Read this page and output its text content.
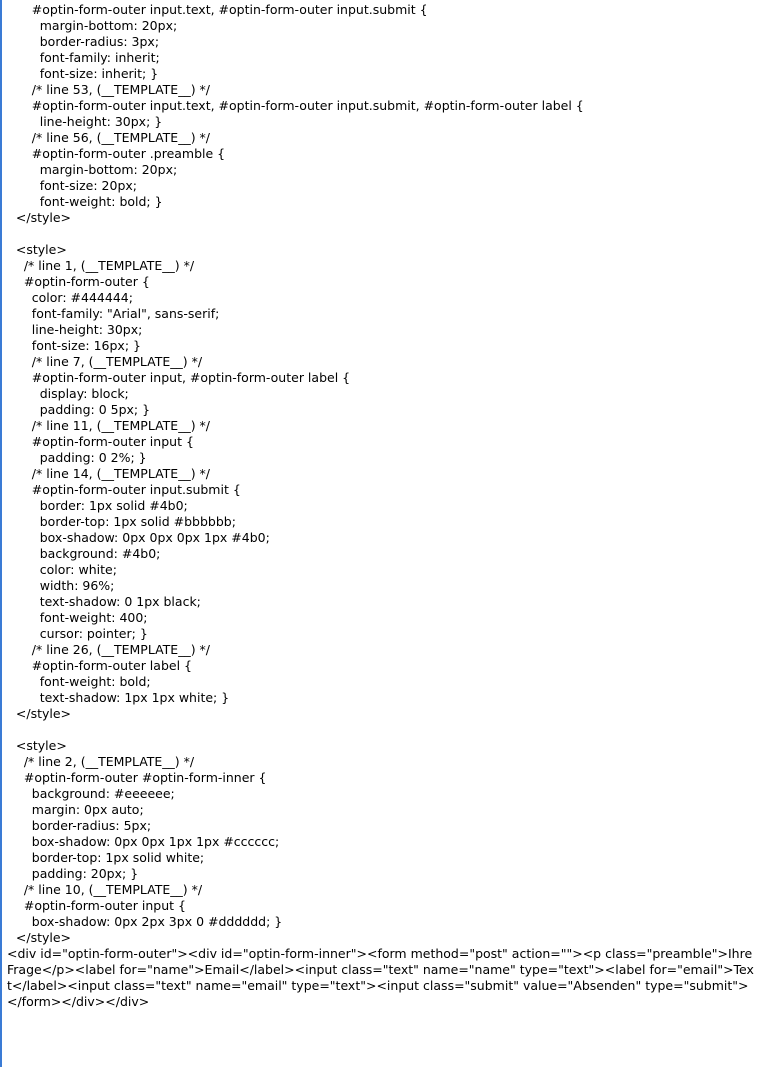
#optin-form-outer input.text, #optin-form-outer input.submit {
margin-bottom: 20px;
border-radius: 3px;
font-family: inherit;
font-size: inherit; }
/* line 53, (__TEMPLATE__) */
#optin-form-outer input.text, #optin-form-outer input.submit, #optin-form-outer label {
line-height: 30px; }
/* line 56, (__TEMPLATE__) */
#optin-form-outer .preamble {
margin-bottom: 20px;
font-size: 20px;
font-weight: bold; }
</style>
<style>
/* line 1, (__TEMPLATE__) */
#optin-form-outer {
color: #444444;
font-family: "Arial", sans-serif;
line-height: 30px;
font-size: 16px; }
/* line 7, (__TEMPLATE__) */
#optin-form-outer input, #optin-form-outer label {
display: block;
padding: 0 5px; }
/* line 11, (__TEMPLATE__) */
#optin-form-outer input {
padding: 0 2%; }
/* line 14, (__TEMPLATE__) */
#optin-form-outer input.submit {
border: 1px solid #4b0;
border-top: 1px solid #bbbbbb;
box-shadow: 0px 0px 0px 1px #4b0;
background: #4b0;
color: white;
width: 96%;
text-shadow: 0 1px black;
font-weight: 400;
cursor: pointer; }
/* line 26, (__TEMPLATE__) */
#optin-form-outer label {
font-weight: bold;
text-shadow: 1px 1px white; }
</style>
<style>
/* line 2, (__TEMPLATE__) */
#optin-form-outer #optin-form-inner {
background: #eeeeee;
margin: 0px auto;
border-radius: 5px;
box-shadow: 0px 0px 1px 1px #cccccc;
border-top: 1px solid white;
padding: 20px; }
/* line 10, (__TEMPLATE__) */
#optin-form-outer input {
box-shadow: 0px 2px 3px 0 #dddddd; }
</style>
<div id="optin-form-outer"><div id="optin-form-inner"><form method="post" action=""><p class="preamble">Ihre Frage</p><label for="name">Email</label><input class="text" name="name" type="text"><label for="email">Text</label><input class="text" name="email" type="text"><input class="submit" value="Absenden" type="submit"></form></div></div>
